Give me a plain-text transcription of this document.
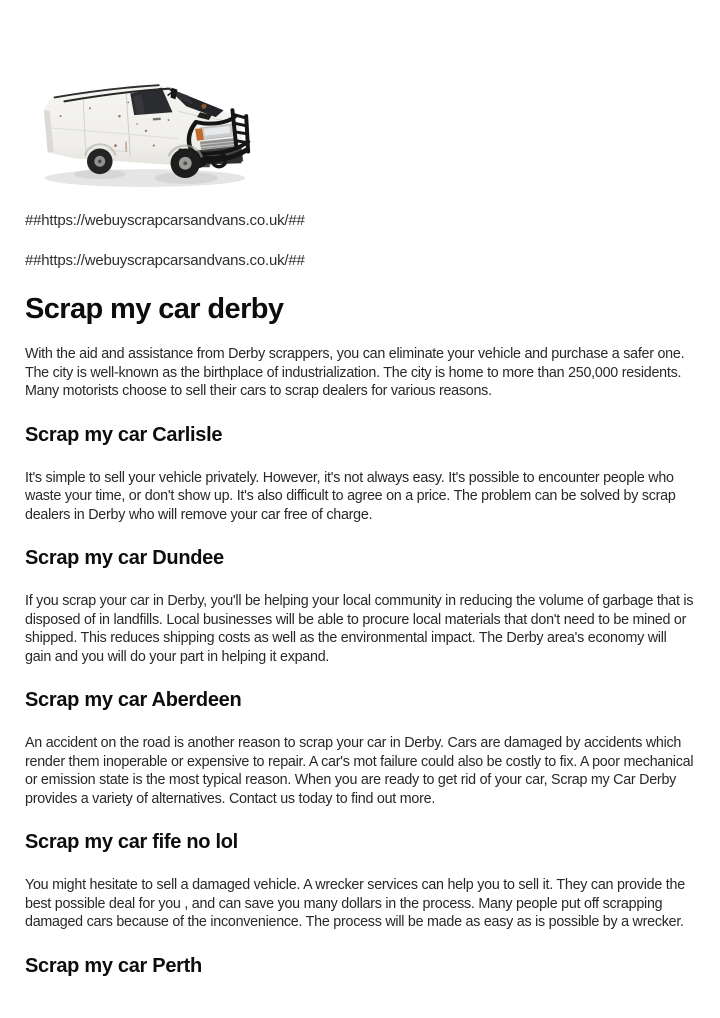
##https://webuyscrapcarsandvans.co.uk/##

##https://webuyscrapcarsandvans.co.uk/##

Scrap my car derby

With the aid and assistance from Derby scrappers, you can eliminate your vehicle and purchase a safer one. The city is well-known as the birthplace of industrialization. The city is home to more than 250,000 residents. Many motorists choose to sell their cars to scrap dealers for various reasons.

Scrap my car Carlisle

It's simple to sell your vehicle privately. However, it's not always easy. It's possible to encounter people who waste your time, or don't show up. It's also difficult to agree on a price. The problem can be solved by scrap dealers in Derby who will remove your car free of charge.

Scrap my car Dundee

If you scrap your car in Derby, you'll be helping your local community in reducing the volume of garbage that is disposed of in landfills. Local businesses will be able to procure local materials that don't need to be mined or shipped. This reduces shipping costs as well as the environmental impact. The Derby area's economy will gain and you will do your part in helping it expand.

Scrap my car Aberdeen

An accident on the road is another reason to scrap your car in Derby. Cars are damaged by accidents which render them inoperable or expensive to repair. A car's mot failure could also be costly to fix. A poor mechanical or emission state is the most typical reason. When you are ready to get rid of your car, Scrap my Car Derby provides a variety of alternatives. Contact us today to find out more.

Scrap my car fife no lol

You might hesitate to sell a damaged vehicle. A wrecker services can help you to sell it. They can provide the best possible deal for you , and can save you many dollars in the process. Many people put off scrapping damaged cars because of the inconvenience. The process will be made as easy as is possible by a wrecker.

Scrap my car Perth
